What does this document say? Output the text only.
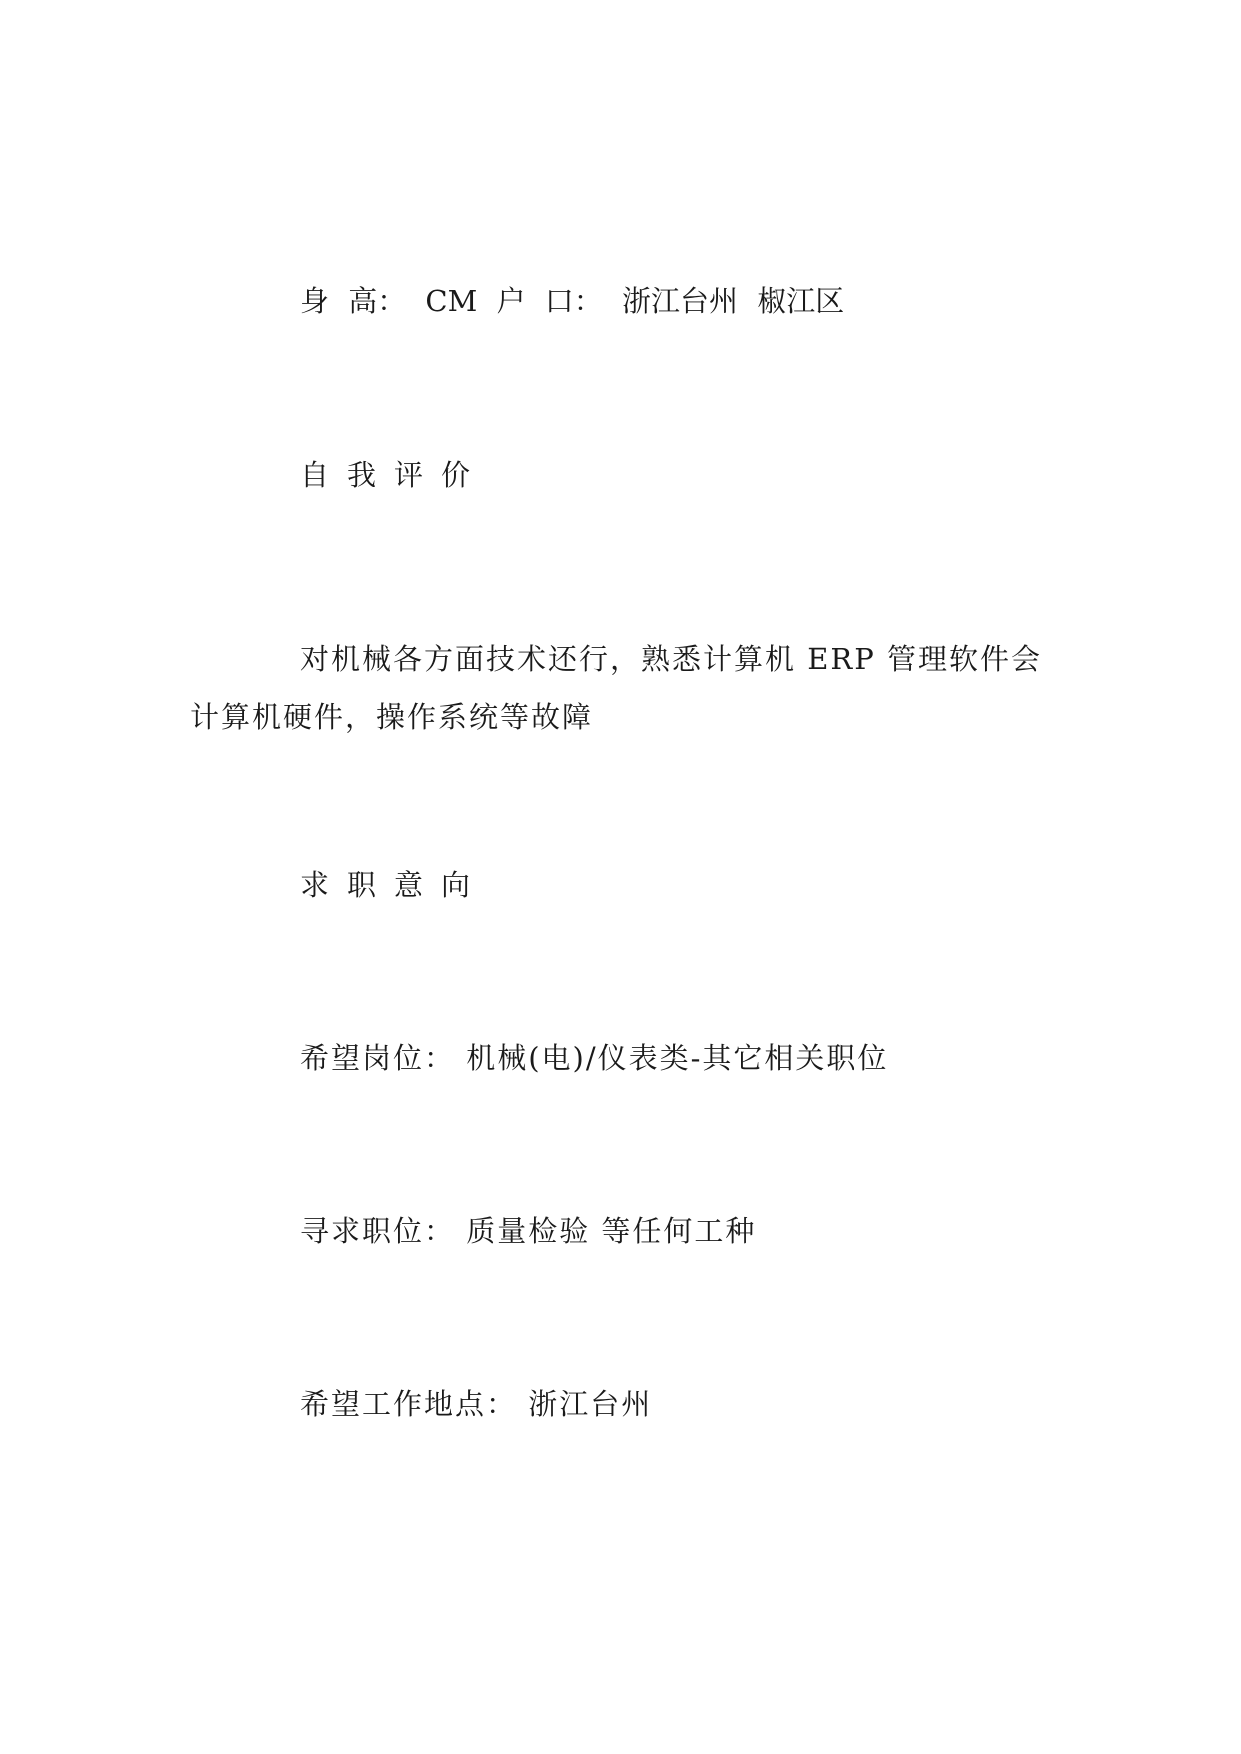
身 高： CM 户 口： 浙江台州 椒江区
自我评价
对机械各方面技术还行，熟悉计算机 ERP 管理软件会计算机硬件，操作系统等故障
求职意向
希望岗位： 机械(电)/仪表类-其它相关职位
寻求职位： 质量检验 等任何工种
希望工作地点： 浙江台州
